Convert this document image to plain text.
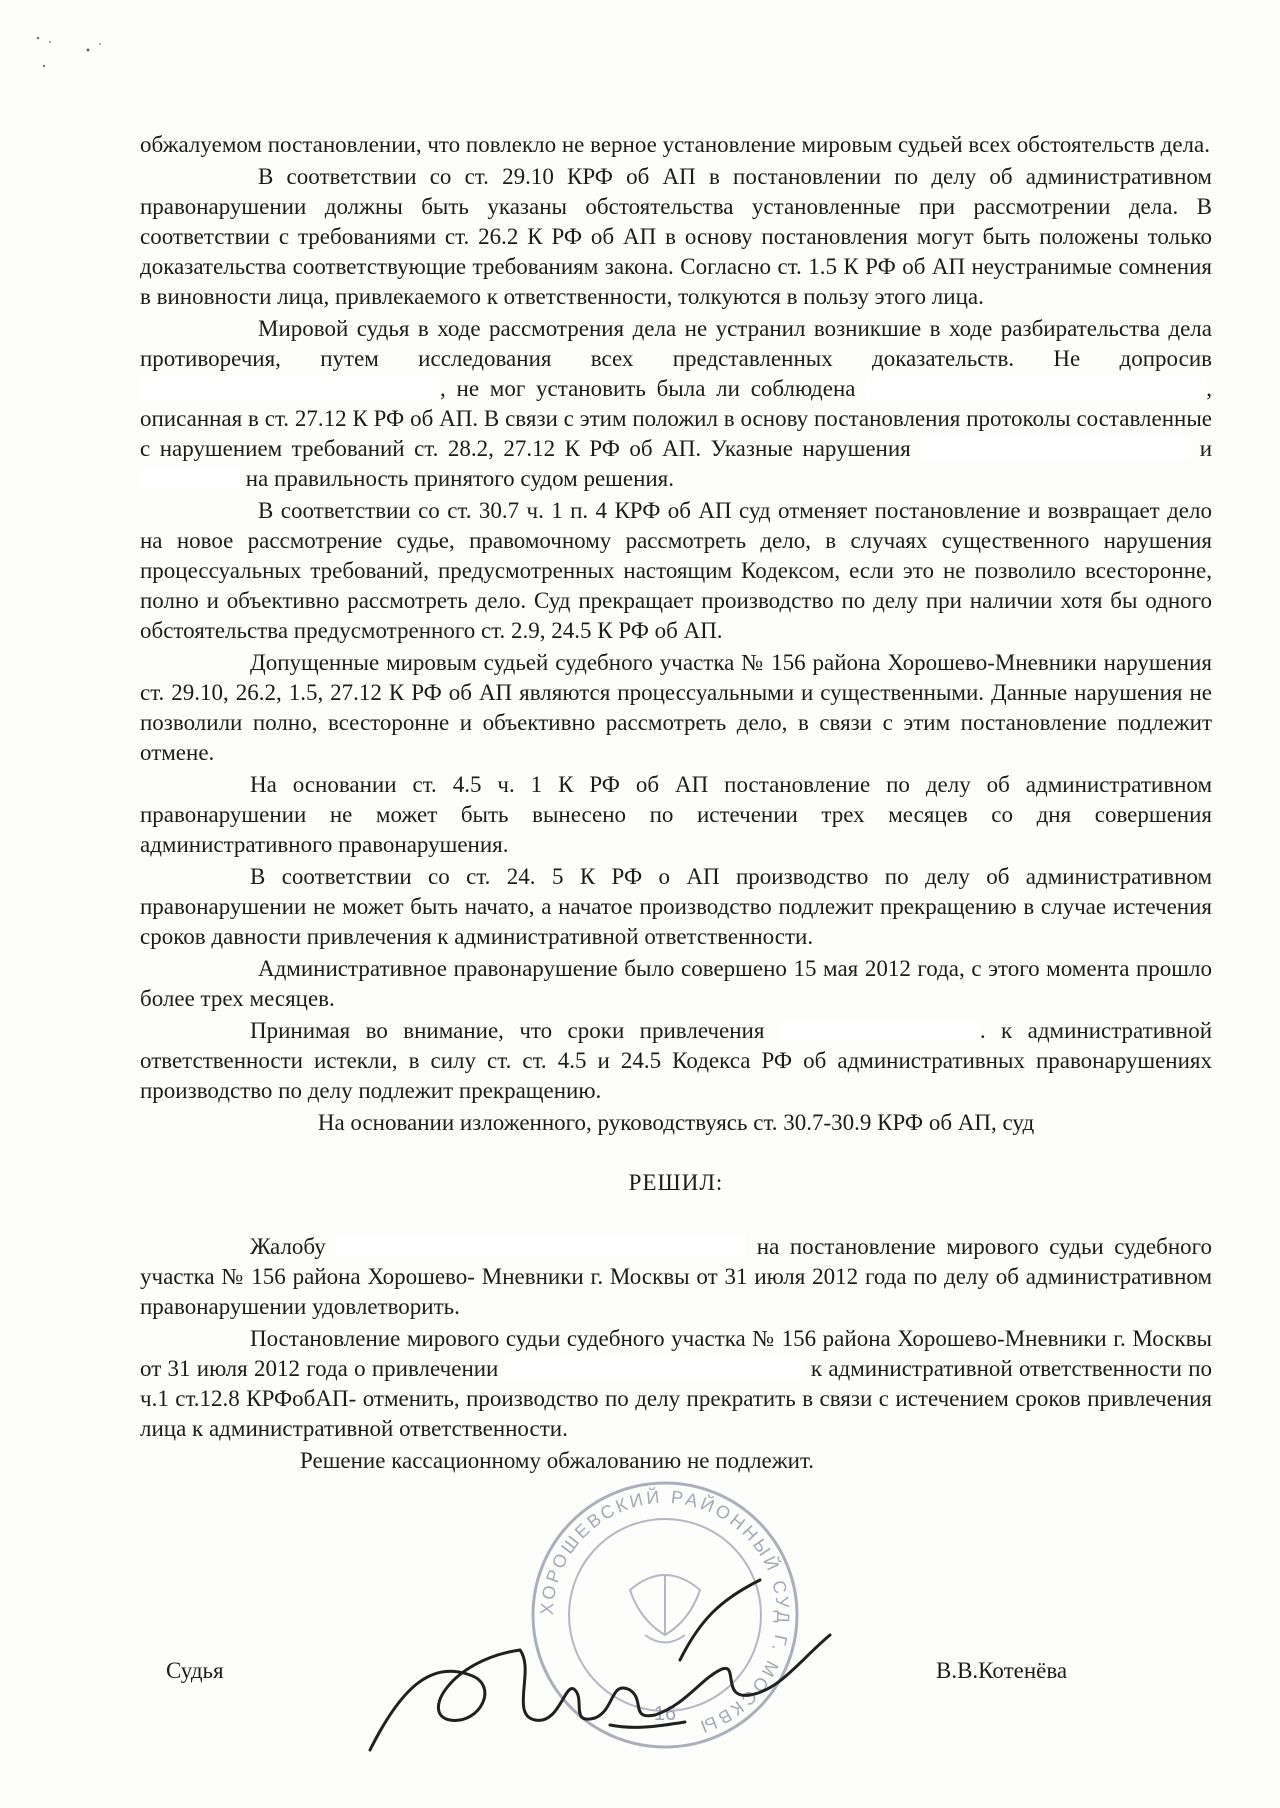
обжалуемом постановлении, что повлекло не верное установление мировым судьей всех обстоятельств дела.

В соответствии со ст. 29.10 КРФ об АП в постановлении по делу об административном правонарушении должны быть указаны обстоятельства установленные при рассмотрении дела. В соответствии с требованиями ст. 26.2 К РФ об АП в основу постановления могут быть положены только доказательства соответствующие требованиям закона. Согласно ст. 1.5 К РФ об АП неустранимые сомнения в виновности лица, привлекаемого к ответственности, толкуются в пользу этого лица.

Мировой судья в ходе рассмотрения дела не устранил возникшие в ходе разбирательства дела противоречия, путем исследования всех представленных доказательств. Не допросив , не мог установить была ли соблюдена	, описанная в ст. 27.12 К РФ об АП. В связи с этим положил в основу постановления протоколы составленные с нарушением требований ст. 28.2, 27.12 К РФ об АП. Указные нарушения	и  на правильность принятого судом решения.

В соответствии со ст. 30.7 ч. 1 п. 4 КРФ об АП суд отменяет постановление и возвращает дело на новое рассмотрение судье, правомочному рассмотреть дело, в случаях существенного нарушения процессуальных требований, предусмотренных настоящим Кодексом, если это не позволило всесторонне, полно и объективно рассмотреть дело. Суд прекращает производство по делу при наличии хотя бы одного обстоятельства предусмотренного ст. 2.9, 24.5 К РФ об АП.

Допущенные мировым судьей судебного участка № 156 района Хорошево-Мневники нарушения ст. 29.10, 26.2, 1.5, 27.12 К РФ об АП являются процессуальными и существенными. Данные нарушения не позволили полно, всесторонне и объективно рассмотреть дело, в связи с этим постановление подлежит отмене.

На основании ст. 4.5 ч. 1 К РФ об АП постановление по делу об административном правонарушении не может быть вынесено по истечении трех месяцев со дня совершения административного правонарушения.

В соответствии со ст. 24. 5 К РФ о АП производство по делу об административном правонарушении не может быть начато, а начатое производство подлежит прекращению в случае истечения сроков давности привлечения к административной ответственности.

Административное правонарушение было совершено 15 мая 2012 года, с этого момента прошло более трех месяцев.

Принимая во внимание, что сроки привлечения	. к административной ответственности истекли, в силу ст. ст. 4.5 и 24.5 Кодекса РФ об административных правонарушениях производство по делу подлежит прекращению.

На основании изложенного, руководствуясь ст. 30.7-30.9 КРФ об АП, суд

РЕШИЛ:

Жалобу	на постановление мирового судьи судебного участка № 156 района Хорошево- Мневники г. Москвы от 31 июля 2012 года по делу об административном правонарушении удовлетворить.

Постановление мирового судьи судебного участка № 156 района Хорошево-Мневники г. Москвы от 31 июля 2012 года о привлечении	к административной ответственности по ч.1 ст.12.8 КРФобАП- отменить, производство по делу прекратить в связи с истечением сроков привлечения лица к административной ответственности.

Решение кассационному обжалованию не подлежит.

ХОРОШЕВСКИЙ РАЙОННЫЙ СУД Г. МОСКВЫ
16
Судья	В.В.Котенёва
